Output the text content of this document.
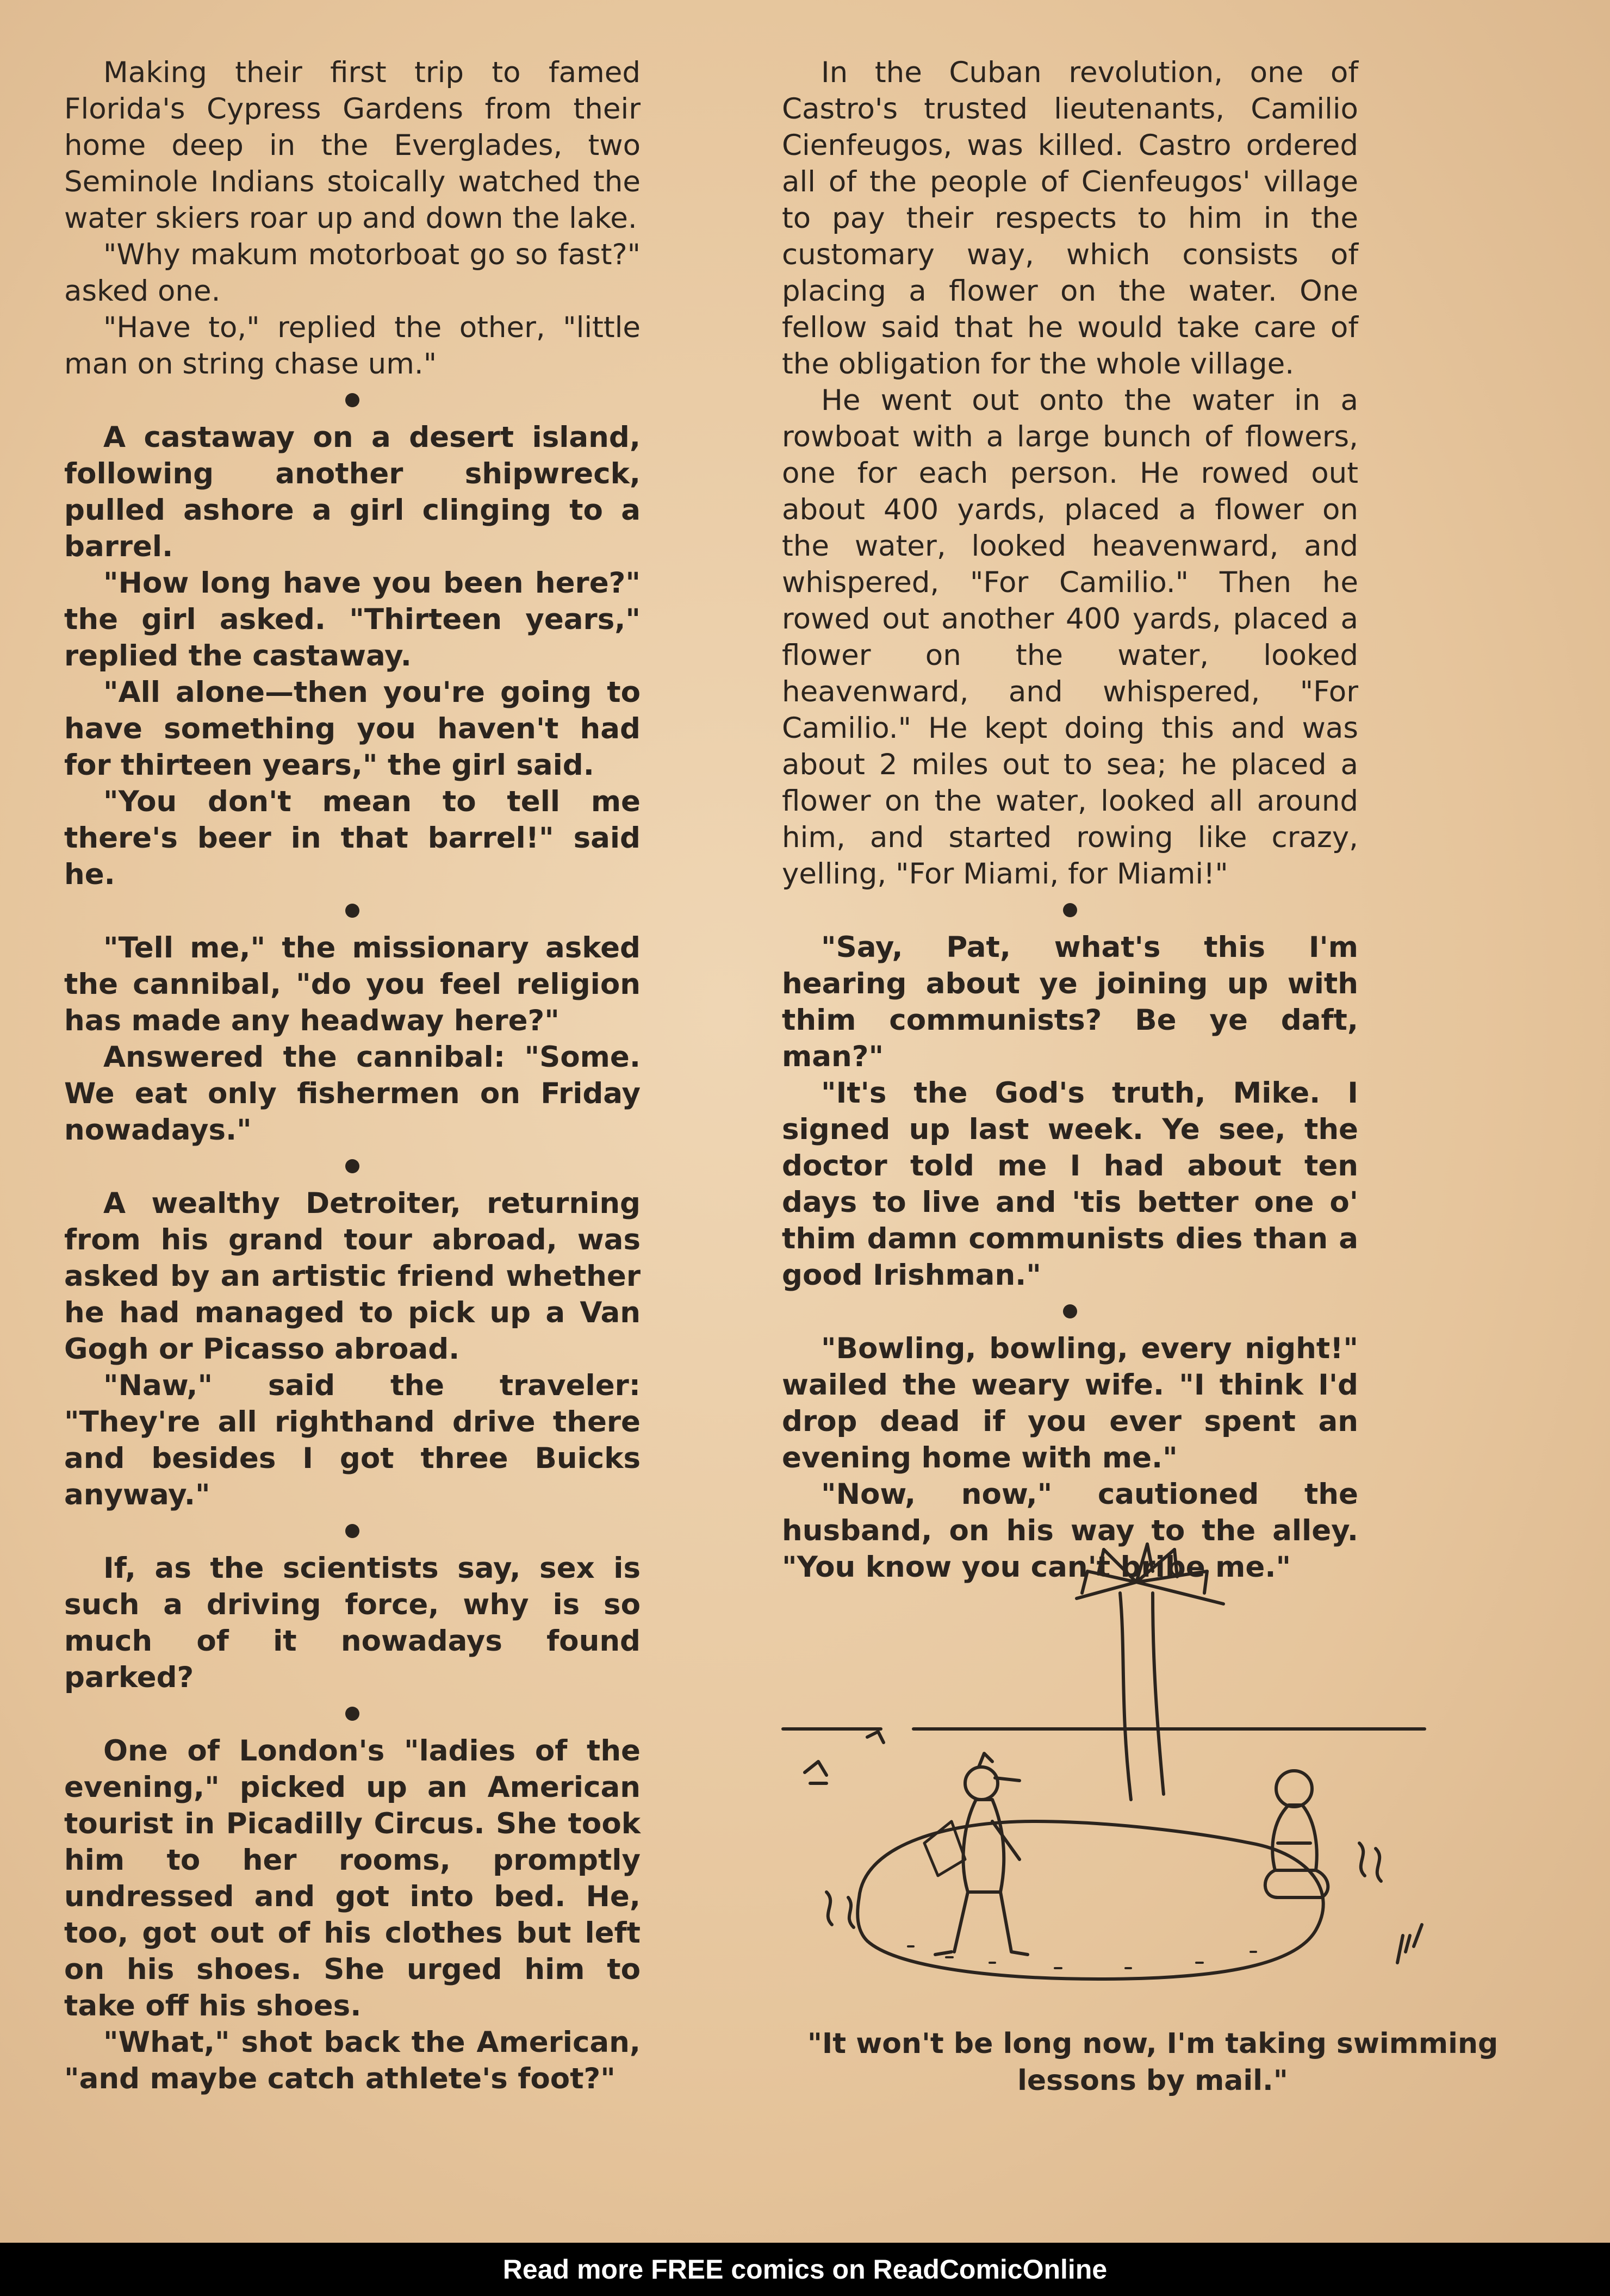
Making their first trip to famed Florida's Cypress Gardens from their home deep in the Everglades, two Seminole Indians stoically watched the water skiers roar up and down the lake.

"Why makum motorboat go so fast?" asked one.

"Have to," replied the other, "little man on string chase um."

A castaway on a desert island, following another shipwreck, pulled ashore a girl clinging to a barrel.

"How long have you been here?" the girl asked. "Thirteen years," replied the castaway.

"All alone—then you're going to have something you haven't had for thirteen years," the girl said.

"You don't mean to tell me there's beer in that barrel!" said he.

"Tell me," the missionary asked the cannibal, "do you feel religion has made any headway here?"

Answered the cannibal: "Some. We eat only fishermen on Friday nowadays."

A wealthy Detroiter, returning from his grand tour abroad, was asked by an artistic friend whether he had managed to pick up a Van Gogh or Picasso abroad.

"Naw," said the traveler: "They're all righthand drive there and besides I got three Buicks anyway."

If, as the scientists say, sex is such a driving force, why is so much of it nowadays found parked?

One of London's "ladies of the evening," picked up an American tourist in Picadilly Circus. She took him to her rooms, promptly undressed and got into bed. He, too, got out of his clothes but left on his shoes. She urged him to take off his shoes.

"What," shot back the American, "and maybe catch athlete's foot?"

In the Cuban revolution, one of Castro's trusted lieutenants, Camilio Cienfeugos, was killed. Castro ordered all of the people of Cienfeugos' village to pay their respects to him in the customary way, which consists of placing a flower on the water. One fellow said that he would take care of the obligation for the whole village.

He went out onto the water in a rowboat with a large bunch of flowers, one for each person. He rowed out about 400 yards, placed a flower on the water, looked heavenward, and whispered, "For Camilio." Then he rowed out another 400 yards, placed a flower on the water, looked heavenward, and whispered, "For Camilio." He kept doing this and was about 2 miles out to sea; he placed a flower on the water, looked all around him, and started rowing like crazy, yelling, "For Miami, for Miami!"

"Say, Pat, what's this I'm hearing about ye joining up with thim communists? Be ye daft, man?"

"It's the God's truth, Mike. I signed up last week. Ye see, the doctor told me I had about ten days to live and 'tis better one o' thim damn communists dies than a good Irishman."

"Bowling, bowling, every night!" wailed the weary wife. "I think I'd drop dead if you ever spent an evening home with me."

"Now, now," cautioned the husband, on his way to the alley. "You know you can't bribe me."

"It won't be long now, I'm taking swimming
lessons by mail."
Read more FREE comics on ReadComicOnline
